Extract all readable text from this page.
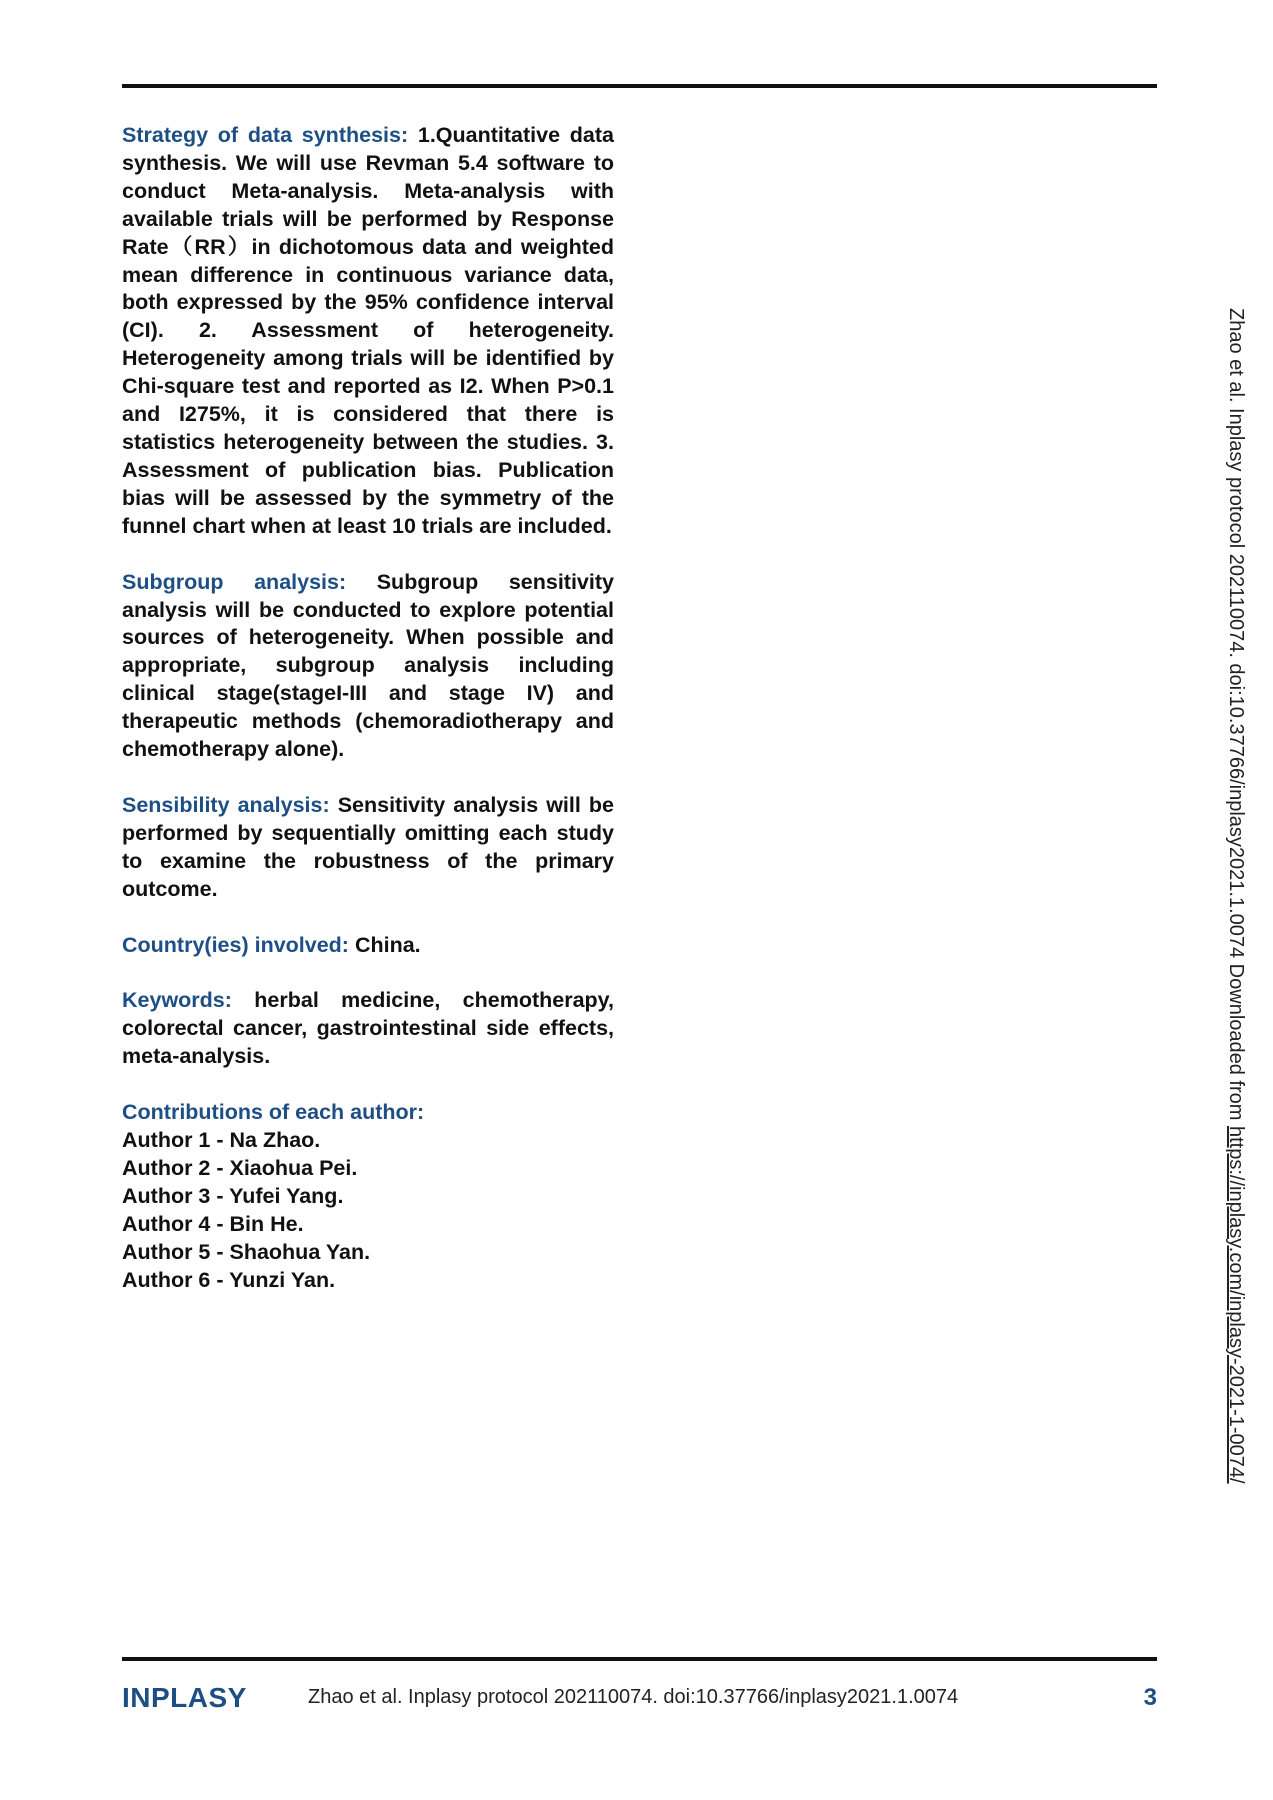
Strategy of data synthesis: 1.Quantitative data synthesis. We will use Revman 5.4 software to conduct Meta-analysis. Meta-analysis with available trials will be performed by Response Rate（RR）in dichotomous data and weighted mean difference in continuous variance data, both expressed by the 95% confidence interval (CI). 2. Assessment of heterogeneity. Heterogeneity among trials will be identified by Chi-square test and reported as I2. When P>0.1 and I275%, it is considered that there is statistics heterogeneity between the studies. 3. Assessment of publication bias. Publication bias will be assessed by the symmetry of the funnel chart when at least 10 trials are included.

Subgroup analysis: Subgroup sensitivity analysis will be conducted to explore potential sources of heterogeneity. When possible and appropriate, subgroup analysis including clinical stage(stageI-III and stage IV) and therapeutic methods (chemoradiotherapy and chemotherapy alone).

Sensibility analysis: Sensitivity analysis will be performed by sequentially omitting each study to examine the robustness of the primary outcome.

Country(ies) involved: China.

Keywords: herbal medicine, chemotherapy, colorectal cancer, gastrointestinal side effects, meta-analysis.

Contributions of each author:
Author 1 - Na Zhao.
Author 2 - Xiaohua Pei.
Author 3 - Yufei Yang.
Author 4 - Bin He.
Author 5 - Shaohua Yan.
Author 6 - Yunzi Yan.
Zhao et al. Inplasy protocol 202110074. doi:10.37766/inplasy2021.1.0074 Downloaded from https://inplasy.com/inplasy-2021-1-0074/
INPLASY	Zhao et al. Inplasy protocol 202110074. doi:10.37766/inplasy2021.1.0074	3
